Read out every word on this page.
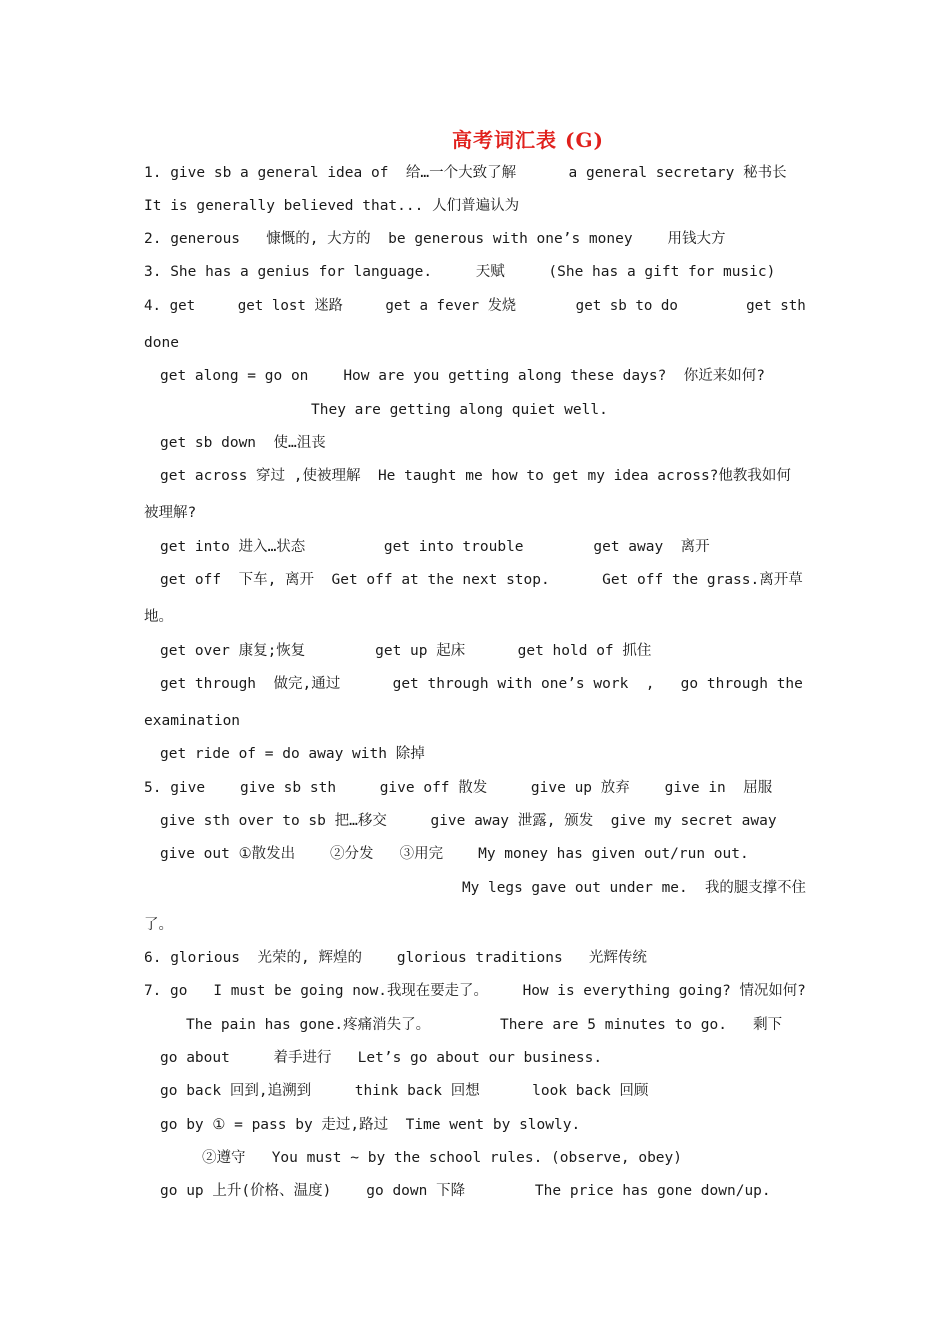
高考词汇表 (G)
1. give sb a general idea of  给…一个大致了解      a general secretary 秘书长
It is generally believed that... 人们普遍认为
2. generous   慷慨的, 大方的  be generous with one’s money    用钱大方
3. She has a genius for language.     天赋     (She has a gift for music)
4. get     get lost 迷路     get a fever 发烧       get sb to do        get sth
done
get along = go on    How are you getting along these days?  你近来如何?
They are getting along quiet well.
get sb down  使…沮丧
get across 穿过 ,使被理解  He taught me how to get my idea across?他教我如何
被理解?
get into 进入…状态         get into trouble        get away  离开
get off  下车, 离开  Get off at the next stop.      Get off the grass.离开草
地。
get over 康复;恢复        get up 起床      get hold of 抓住
get through  做完,通过      get through with one’s work  ,   go through the
examination
get ride of = do away with 除掉
5. give    give sb sth     give off 散发     give up 放弃    give in  屈服
give sth over to sb 把…移交     give away 泄露, 颁发  give my secret away
give out ①散发出    ②分发   ③用完    My money has given out/run out.
My legs gave out under me.  我的腿支撑不住
了。
6. glorious  光荣的, 辉煌的    glorious traditions   光辉传统
7. go   I must be going now.我现在要走了。    How is everything going? 情况如何?
The pain has gone.疼痛消失了。        There are 5 minutes to go.   剩下
go about     着手进行   Let’s go about our business.
go back 回到,追溯到     think back 回想      look back 回顾
go by ① = pass by 走过,路过  Time went by slowly.
②遵守   You must ~ by the school rules. (observe, obey)
go up 上升(价格、温度)    go down 下降        The price has gone down/up.
